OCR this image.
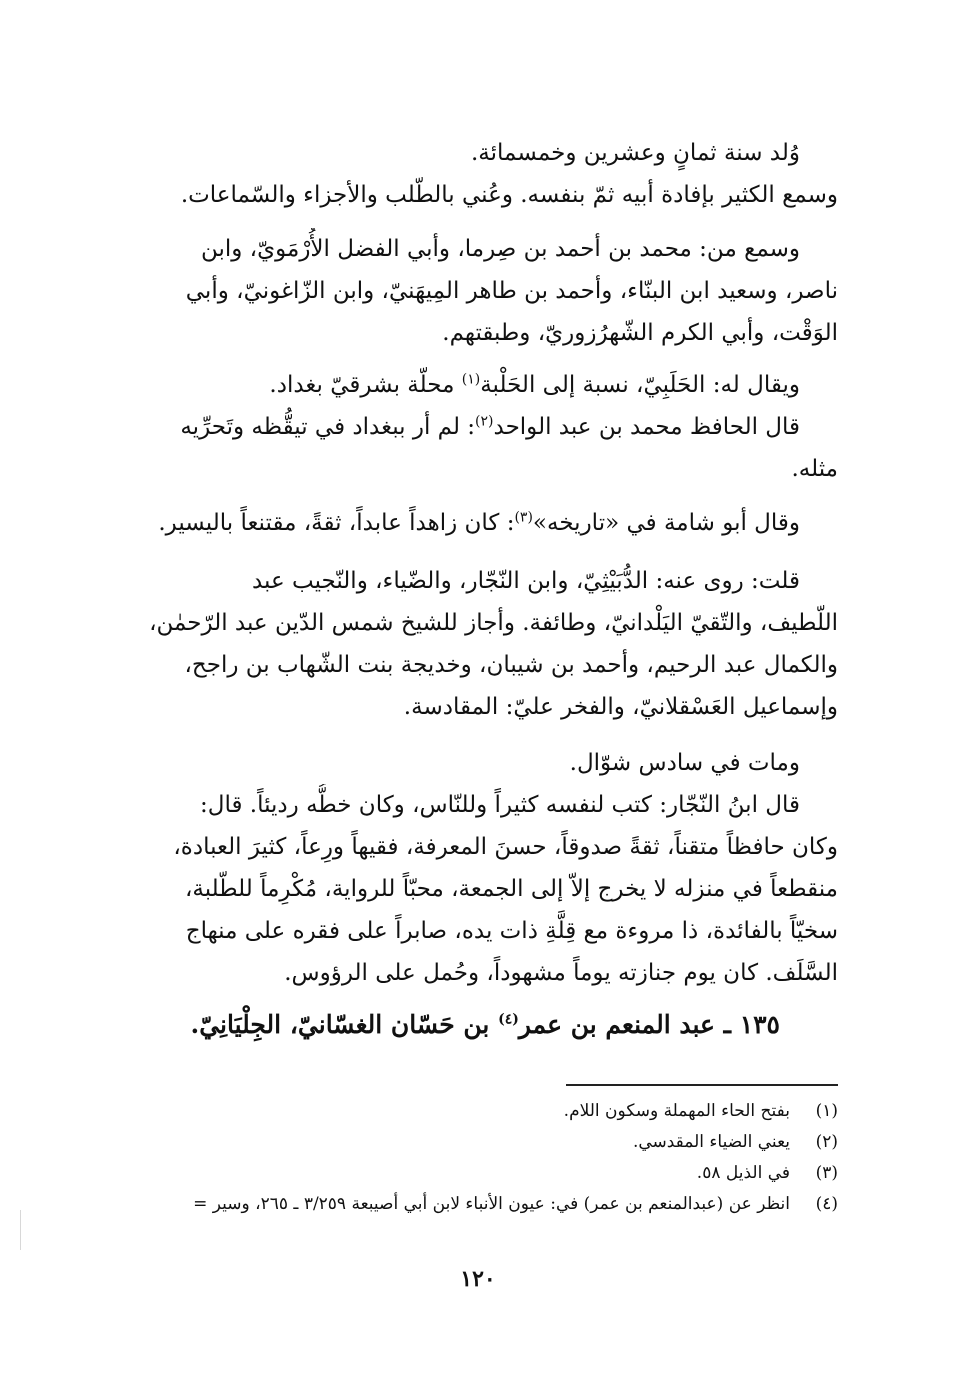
وُلد سنة ثمانٍ وعشرين وخمسمائة.
وسمع الكثير بإفادة أبيه ثمّ بنفسه. وعُني بالطّلب والأجزاء والسّماعات.

وسمع من: محمد بن أحمد بن صِرما، وأبي الفضل الأُرْمَويّ، وابن
ناصر، وسعيد ابن البنّاء، وأحمد بن طاهر المِيهَنيّ، وابن الزّاغونيّ، وأبي
الوَقْت، وأبي الكرم الشّهرُزوريّ، وطبقتهم.

ويقال له: الحَلَبِيّ، نسبة إلى الحَلْبة$^{(١)}$ محلّة بشرقيّ بغداد.
قال الحافظ محمد بن عبد الواحد$^{(٢)}$: لم أر ببغداد في تيقُّظه وتَحرِّيه
مثله.

وقال أبو شامة في «تاريخه»$^{(٣)}$: كان زاهداً عابداً، ثقةً، مقتنعاً باليسير.

قلت: روى عنه: الدُّبَيْثِيّ، وابن النّجّار، والضّياء، والنّجيب عبد
اللّطيف، والتّقيّ اليَلْدانيّ، وطائفة. وأجاز للشيخ شمس الدّين عبد الرّحمٰن،
والكمال عبد الرحيم، وأحمد بن شيبان، وخديجة بنت الشّهاب بن راجح،
وإسماعيل العَسْقلانيّ، والفخر عليّ: المقادسة.

ومات في سادس شوّال.

قال ابنُ النّجّار: كتب لنفسه كثيراً وللنّاس، وكان خطُّه رديئاً. قال:
وكان حافظاً متقناً، ثقةً صدوقاً، حسنَ المعرفة، فقيهاً ورِعاً، كثيرَ العبادة،
منقطعاً في منزله لا يخرج إلاّ إلى الجمعة، محبّاً للرواية، مُكْرِماً للطّلبة،
سخيّاً بالفائدة، ذا مروءة مع قِلَّةِ ذات يده، صابراً على فقره على منهاج
السَّلَف. كان يوم جنازته يوماً مشهوداً، وحُمل على الرؤوس.

١٣٥ ـ عبد المنعم بن عمر$^{(٤)}$ بن حَسّان الغسّانيّ، الجِلْيَانِيّ.
(١)بفتح الحاء المهملة وسكون اللام.
(٢)يعني الضياء المقدسي.
(٣)في الذيل ٥٨.
(٤)انظر عن (عبدالمنعم بن عمر) في: عيون الأنباء لابن أبي أصيبعة ٣/٢٥٩ ـ ٢٦٥، وسير =
١٢٠
